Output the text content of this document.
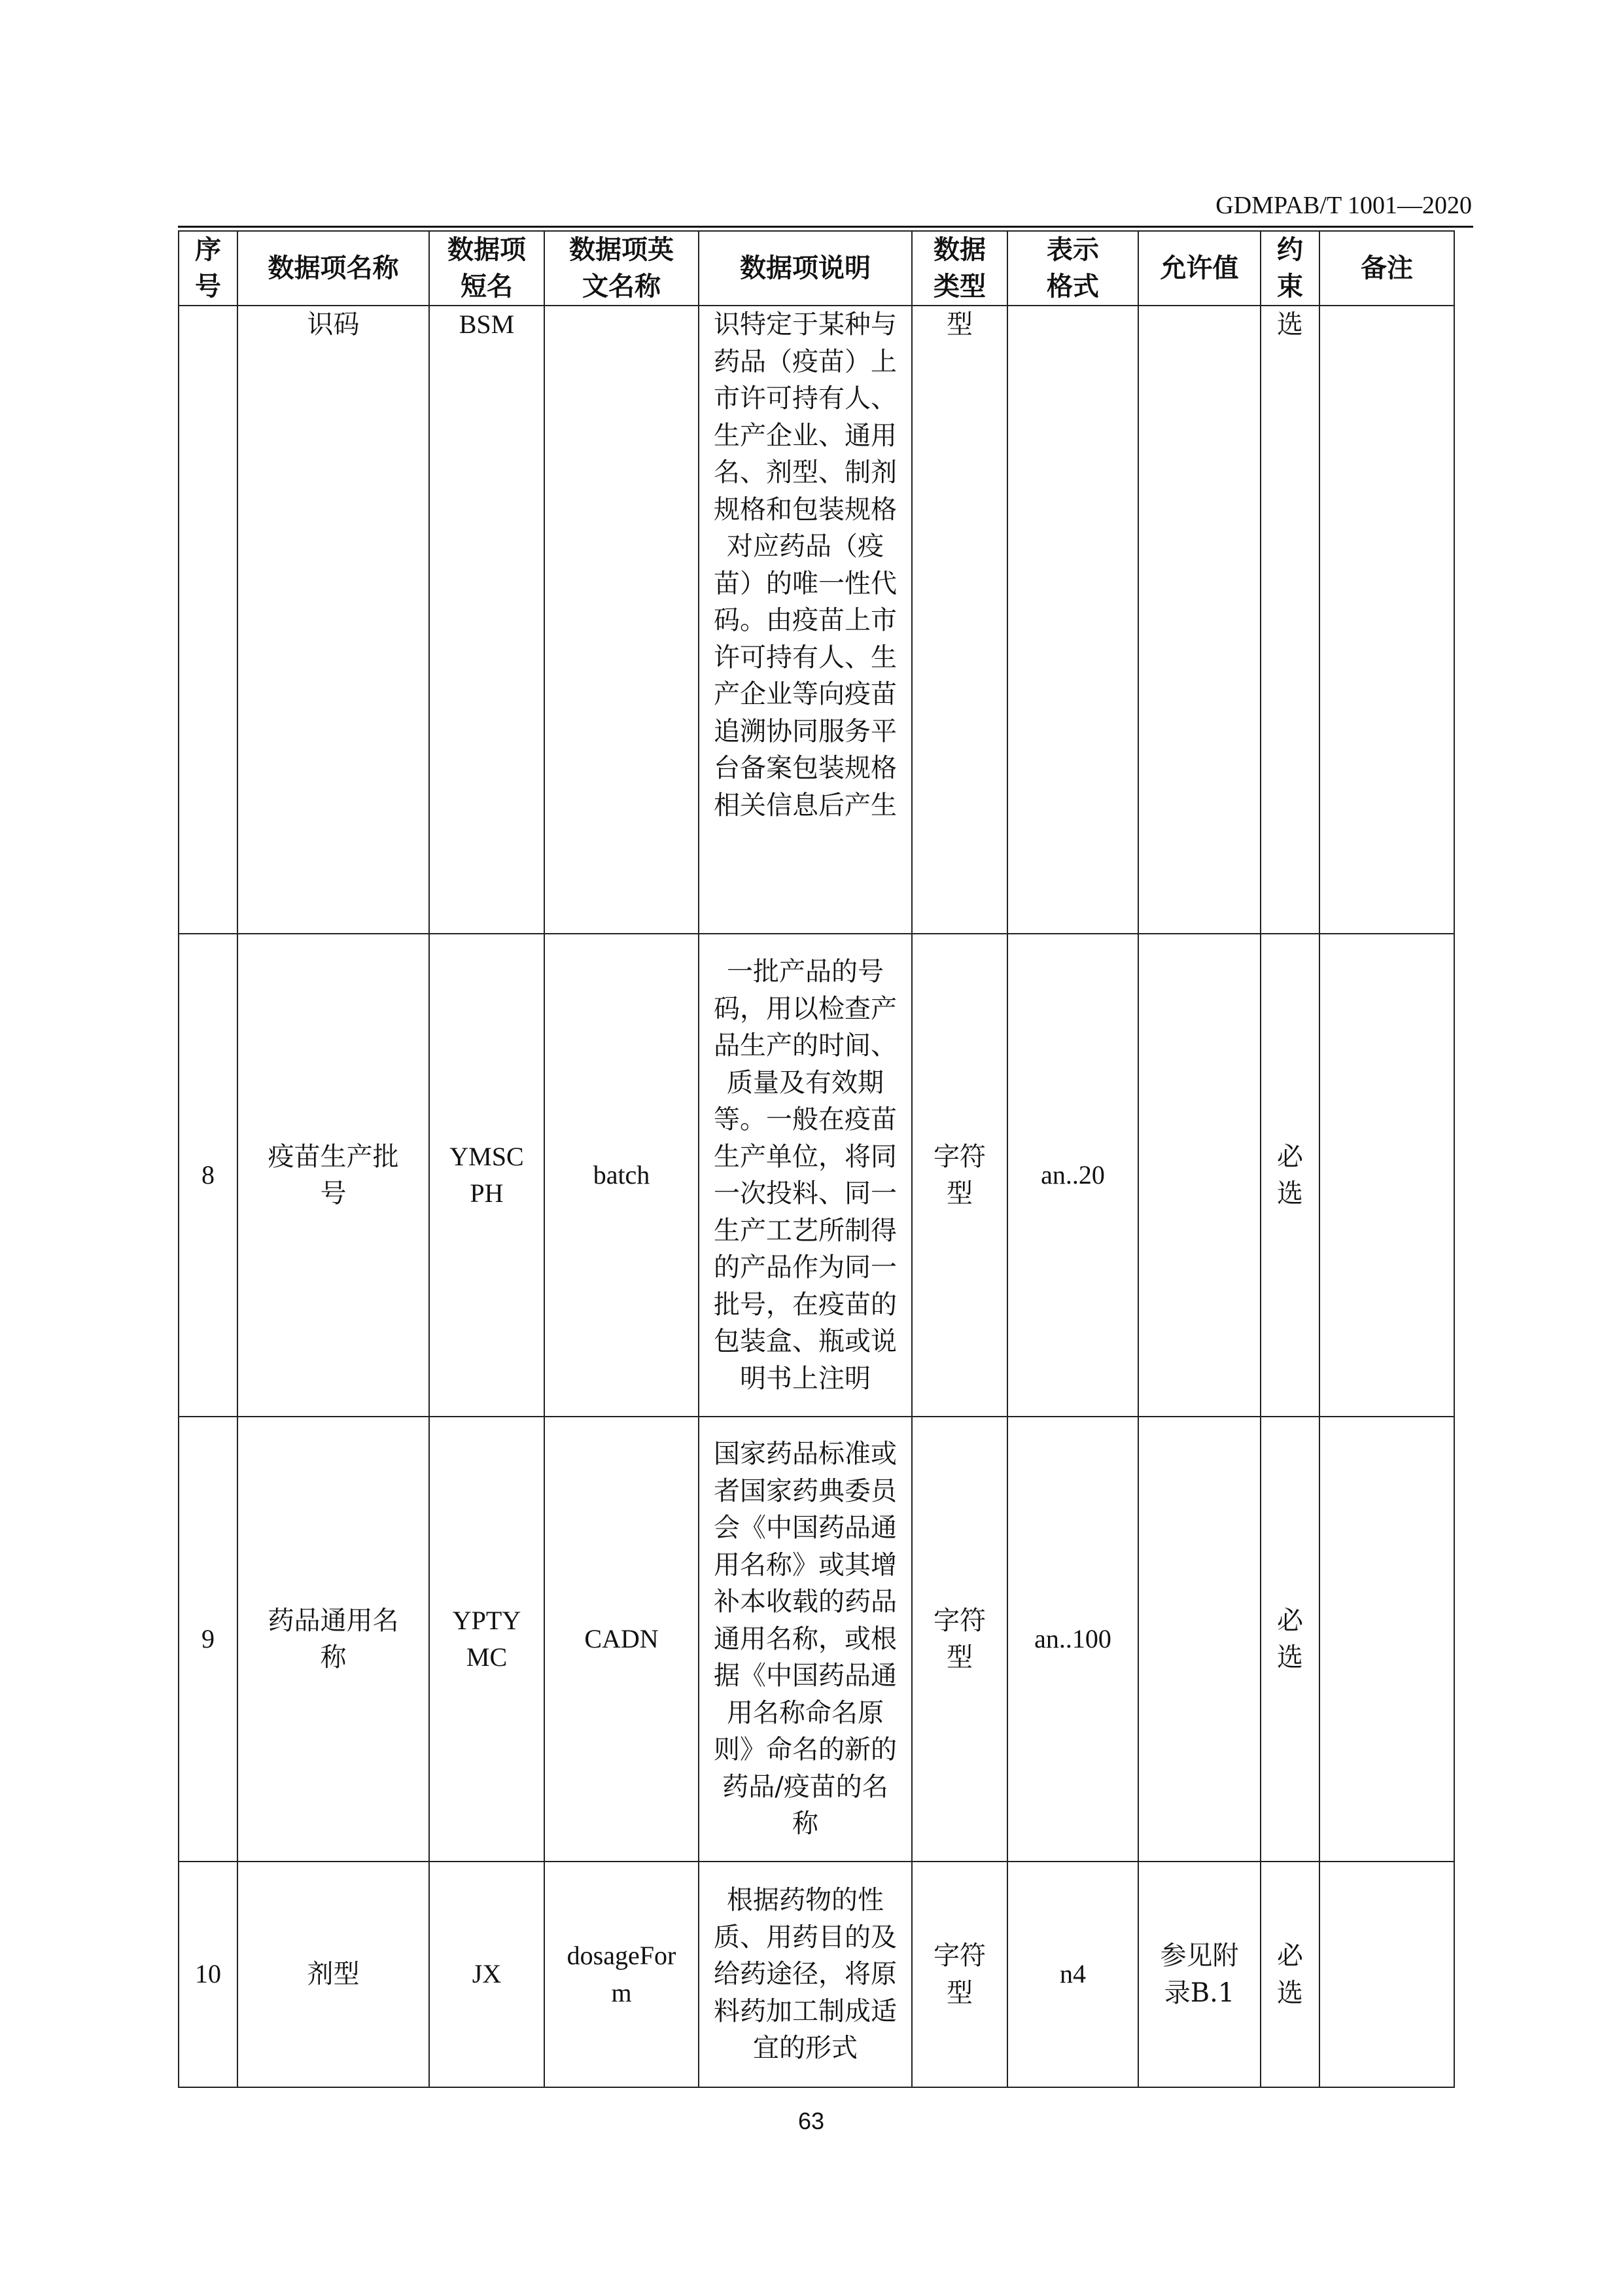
GDMPAB/T 1001—2020
序号	数据项名称	数据项短名	数据项英文名称	数据项说明	数据类型	表示格式	允许值	约束	备注
	识码	BSM		识特定于某种与药品（疫苗）上市许可持有人、生产企业、通用名、剂型、制剂规格和包装规格对应药品（疫苗）的唯一性代码。由疫苗上市许可持有人、生产企业等向疫苗追溯协同服务平台备案包装规格相关信息后产生	型			选	
8	疫苗生产批号	YMSCPH	batch	一批产品的号码，用以检查产品生产的时间、质量及有效期等。一般在疫苗生产单位，将同一次投料、同一生产工艺所制得的产品作为同一批号，在疫苗的包装盒、瓶或说明书上注明	字符型	an..20		必选	
9	药品通用名称	YPTYMC	CADN	国家药品标准或者国家药典委员会《中国药品通用名称》或其增补本收载的药品通用名称，或根据《中国药品通用名称命名原则》命名的新的药品/疫苗的名称	字符型	an..100		必选	
10	剂型	JX	dosageForm	根据药物的性质、用药目的及给药途径，将原料药加工制成适宜的形式	字符型	n4	参见附录B.1	必选	
63
